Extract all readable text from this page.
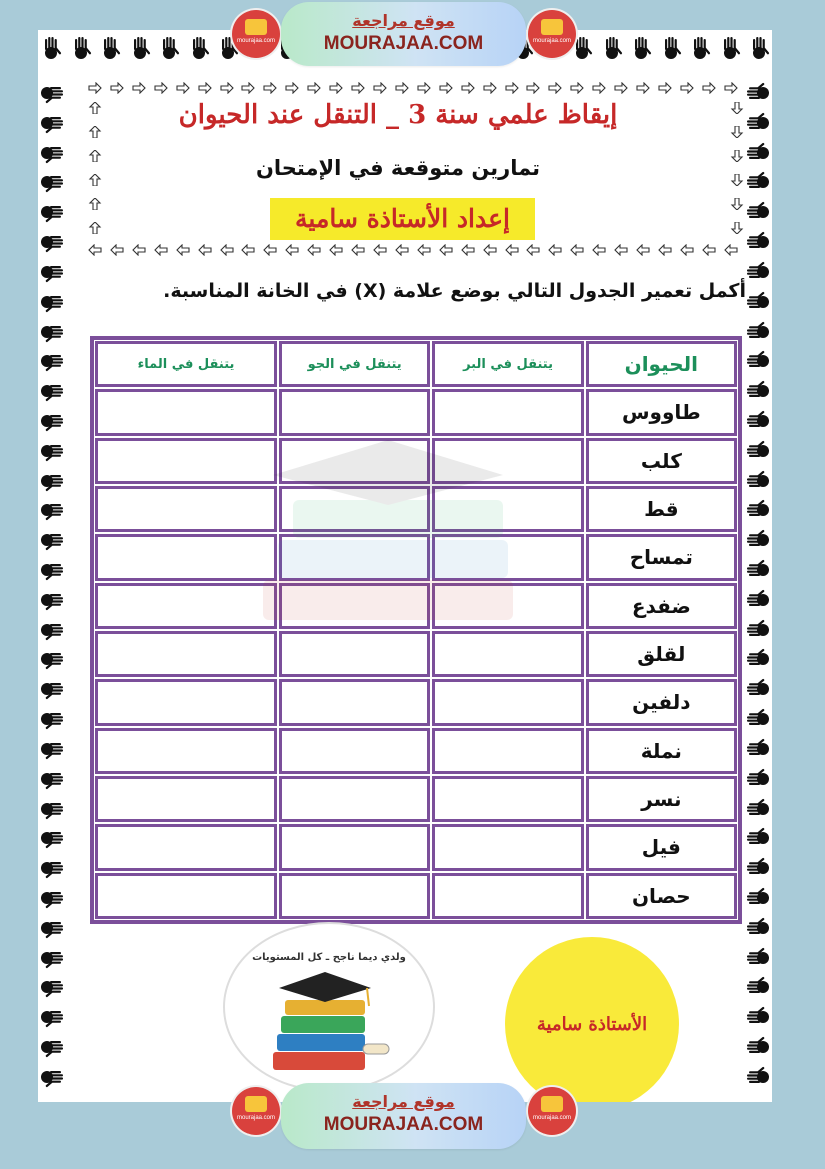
إيقاظ علمي سنة 3 _ التنقل عند الحيوان
تمارين متوقعة في الإمتحان
إعداد الأستاذة سامية
أكمل تعمير الجدول التالي بوضع علامة (X) في الخانة المناسبة.
الحيوان
يتنقل في البر
يتنقل في الجو
يتنقل في الماء
طاووس
كلب
قط
تمساح
ضفدع
لقلق
دلفين
نملة
نسر
فيل
حصان
ولدي ديما ناجح ـ كل المستويات
الأستاذة سامية
mourajaa.com	mourajaa.com
موقع مراجعة
MOURAJAA.COM
mourajaa.com	mourajaa.com
موقع مراجعة
MOURAJAA.COM
